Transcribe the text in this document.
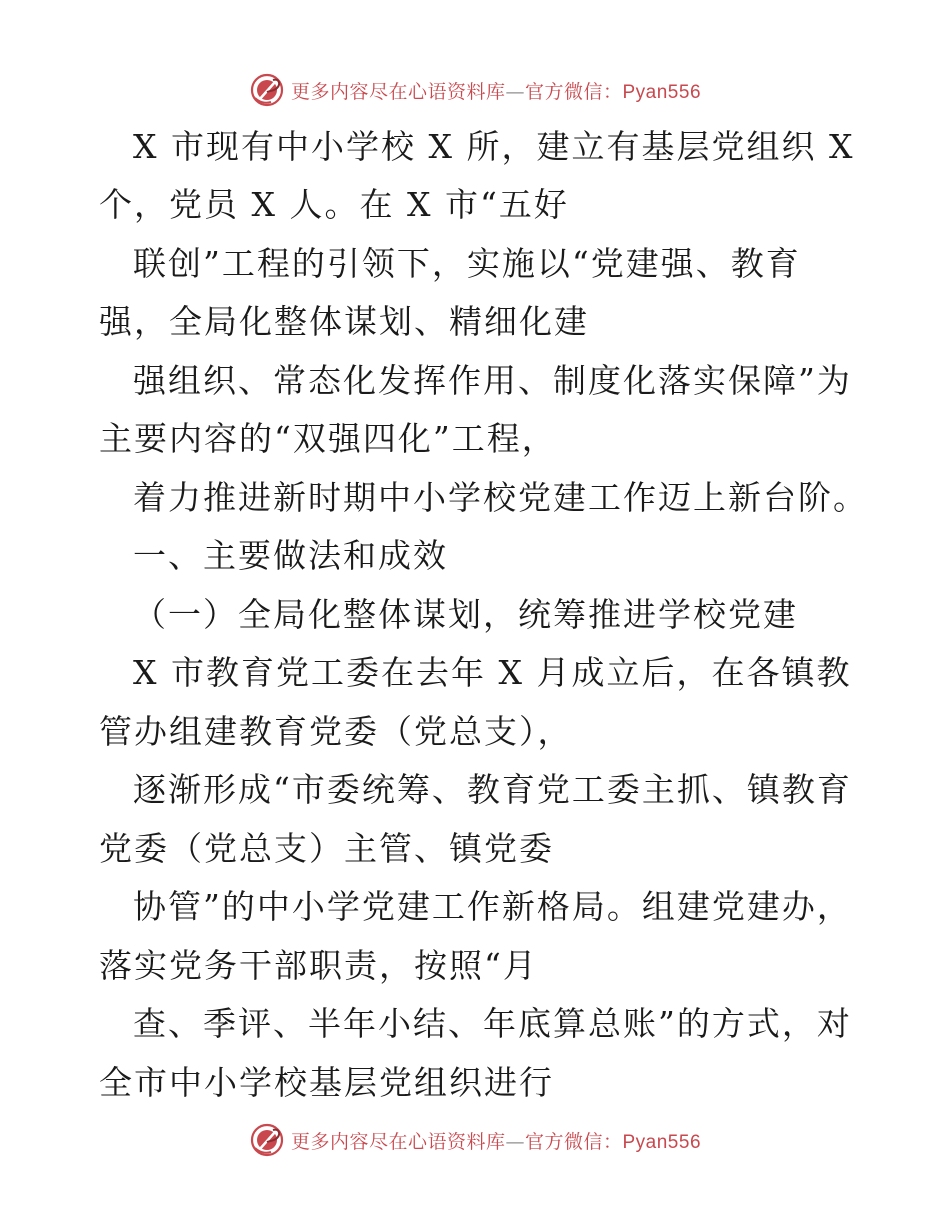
更多内容尽在心语资料库—官方微信：Pyan556
X 市现有中小学校 X 所，建立有基层党组织 X
个，党员 X 人。在 X 市“五好
联创”工程的引领下，实施以“党建强、教育
强，全局化整体谋划、精细化建
强组织、常态化发挥作用、制度化落实保障”为
主要内容的“双强四化”工程，
着力推进新时期中小学校党建工作迈上新台阶。
一、主要做法和成效
（一）全局化整体谋划，统筹推进学校党建
X 市教育党工委在去年 X 月成立后，在各镇教
管办组建教育党委（党总支），
逐渐形成“市委统筹、教育党工委主抓、镇教育
党委（党总支）主管、镇党委
协管”的中小学党建工作新格局。组建党建办，
落实党务干部职责，按照“月
查、季评、半年小结、年底算总账”的方式，对
全市中小学校基层党组织进行
更多内容尽在心语资料库—官方微信：Pyan556
